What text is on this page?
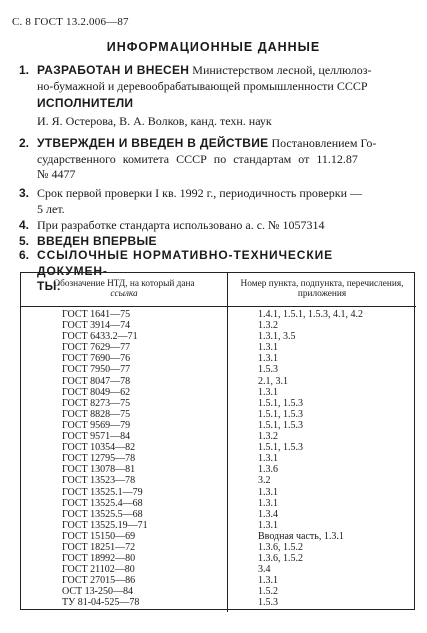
С. 8 ГОСТ 13.2.006—87
ИНФОРМАЦИОННЫЕ ДАННЫЕ
1. РАЗРАБОТАН И ВНЕСЕН Министерством лесной, целлюлоз-
но-бумажной и деревообрабатывающей промышленности СССР
ИСПОЛНИТЕЛИ
И. Я. Остерова, В. А. Волков, канд. техн. наук
2. УТВЕРЖДЕН И ВВЕДЕН В ДЕЙСТВИЕ Постановлением Го-
сударственного комитета СССР по стандартам от 11.12.87
№ 4477
3. Срок первой проверки I кв. 1992 г., периодичность проверки —
5 лет.
4. При разработке стандарта использовано а. с. № 1057314
5. ВВЕДЕН ВПЕРВЫЕ
6. ССЫЛОЧНЫЕ НОРМАТИВНО-ТЕХНИЧЕСКИЕ ДОКУМЕН-
ТЫ:
Обозначение НТД, на который дана
ссылка
Номер пункта, подпункта, перечисления,
приложения
ГОСТ 1641—75	1.4.1, 1.5.1, 1.5.3, 4.1, 4.2
ГОСТ 3914—74	1.3.2
ГОСТ 6433.2—71	1.3.1, 3.5
ГОСТ 7629—77	1.3.1
ГОСТ 7690—76	1.3.1
ГОСТ 7950—77	1.5.3
ГОСТ 8047—78	2.1, 3.1
ГОСТ 8049—62	1.3.1
ГОСТ 8273—75	1.5.1, 1.5.3
ГОСТ 8828—75	1.5.1, 1.5.3
ГОСТ 9569—79	1.5.1, 1.5.3
ГОСТ 9571—84	1.3.2
ГОСТ 10354—82	1.5.1, 1.5.3
ГОСТ 12795—78	1.3.1
ГОСТ 13078—81	1.3.6
ГОСТ 13523—78	3.2
ГОСТ 13525.1—79	1.3.1
ГОСТ 13525.4—68	1.3.1
ГОСТ 13525.5—68	1.3.4
ГОСТ 13525.19—71	1.3.1
ГОСТ 15150—69	Вводная часть, 1.3.1
ГОСТ 18251—72	1.3.6, 1.5.2
ГОСТ 18992—80	1.3.6, 1.5.2
ГОСТ 21102—80	3.4
ГОСТ 27015—86	1.3.1
ОСТ 13-250—84	1.5.2
ТУ 81-04-525—78	1.5.3
